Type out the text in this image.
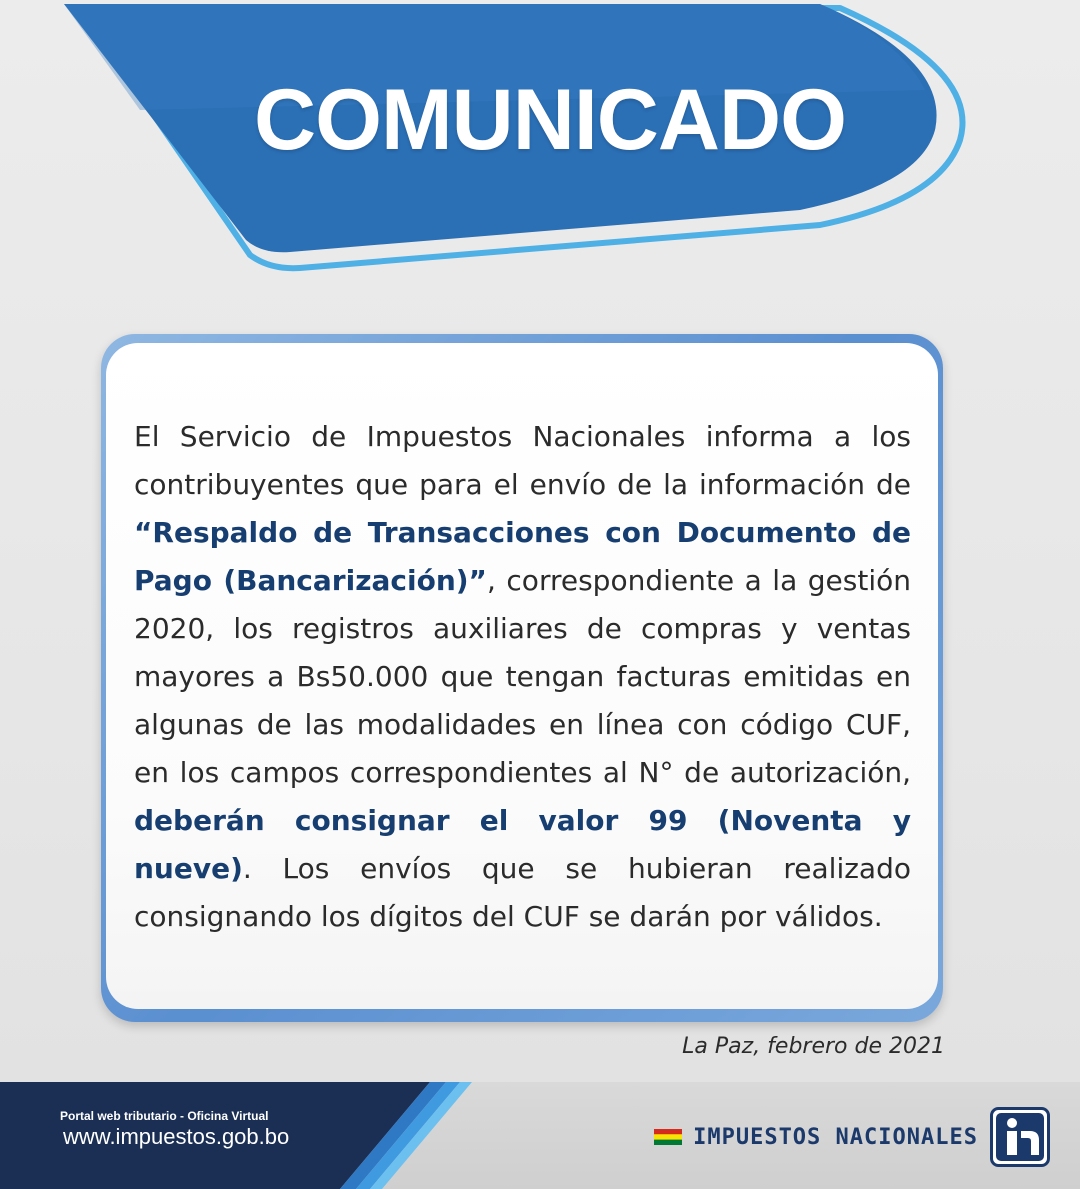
COMUNICADO

El Servicio de Impuestos Nacionales informa a los contribuyentes que para el envío de la información de “Respaldo de Transacciones con Documento de Pago (Bancarización)”, correspondiente a la gestión 2020, los registros auxiliares de compras y ventas mayores a Bs50.000 que tengan facturas emitidas en algunas de las modalidades en línea con código CUF, en los campos correspondientes al N° de autorización, deberán consignar el valor 99 (Noventa y nueve). Los envíos que se hubieran realizado consignando los dígitos del CUF se darán por válidos.

La Paz, febrero de 2021

Portal web tributario - Oficina Virtual

www.impuestos.gob.bo	IMPUESTOS NACIONALES
